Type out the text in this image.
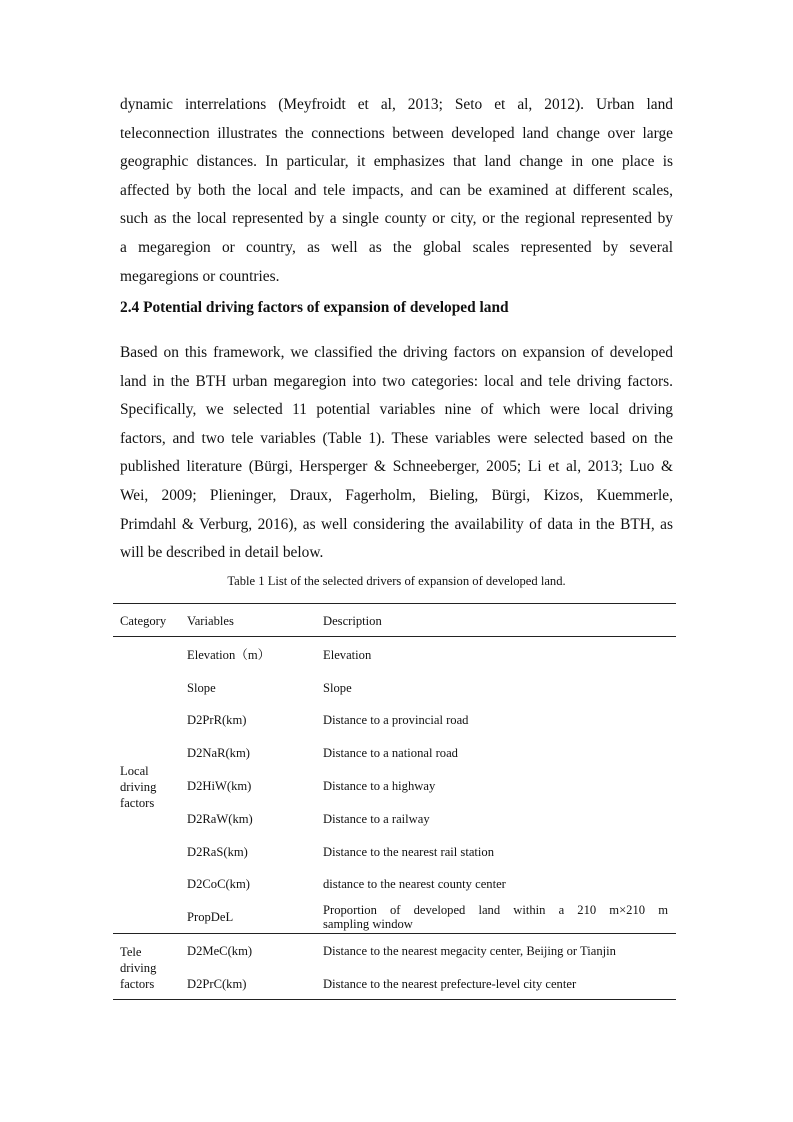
dynamic interrelations (Meyfroidt et al, 2013; Seto et al, 2012). Urban land
teleconnection illustrates the connections between developed land change over large
geographic distances. In particular, it emphasizes that land change in one place is
affected by both the local and tele impacts, and can be examined at different scales,
such as the local represented by a single county or city, or the regional represented by
a megaregion or country, as well as the global scales represented by several
megaregions or countries.
2.4 Potential driving factors of expansion of developed land
Based on this framework, we classified the driving factors on expansion of developed
land in the BTH urban megaregion into two categories: local and tele driving factors.
Specifically, we selected 11 potential variables nine of which were local driving
factors, and two tele variables (Table 1). These variables were selected based on the
published literature (Bürgi, Hersperger & Schneeberger, 2005; Li et al, 2013; Luo &
Wei, 2009; Plieninger, Draux, Fagerholm, Bieling, Bürgi, Kizos, Kuemmerle,
Primdahl & Verburg, 2016), as well considering the availability of data in the BTH, as
will be described in detail below.

Table 1 List of the selected drivers of expansion of developed land.

Category Variables	Description
Local
driving
factors
Elevation（m）	Elevation
Slope	Slope
D2PrR(km)	Distance to a provincial road
D2NaR(km)	Distance to a national road
D2HiW(km)	Distance to a highway
D2RaW(km)	Distance to a railway
D2RaS(km)	Distance to the nearest rail station
D2CoC(km)	distance to the nearest county center
PropDeL	Proportion of developed land within a 210 m×210 m
sampling window
Tele
driving
factors
D2MeC(km)	Distance to the nearest megacity center, Beijing or Tianjin
D2PrC(km)	Distance to the nearest prefecture-level city center
